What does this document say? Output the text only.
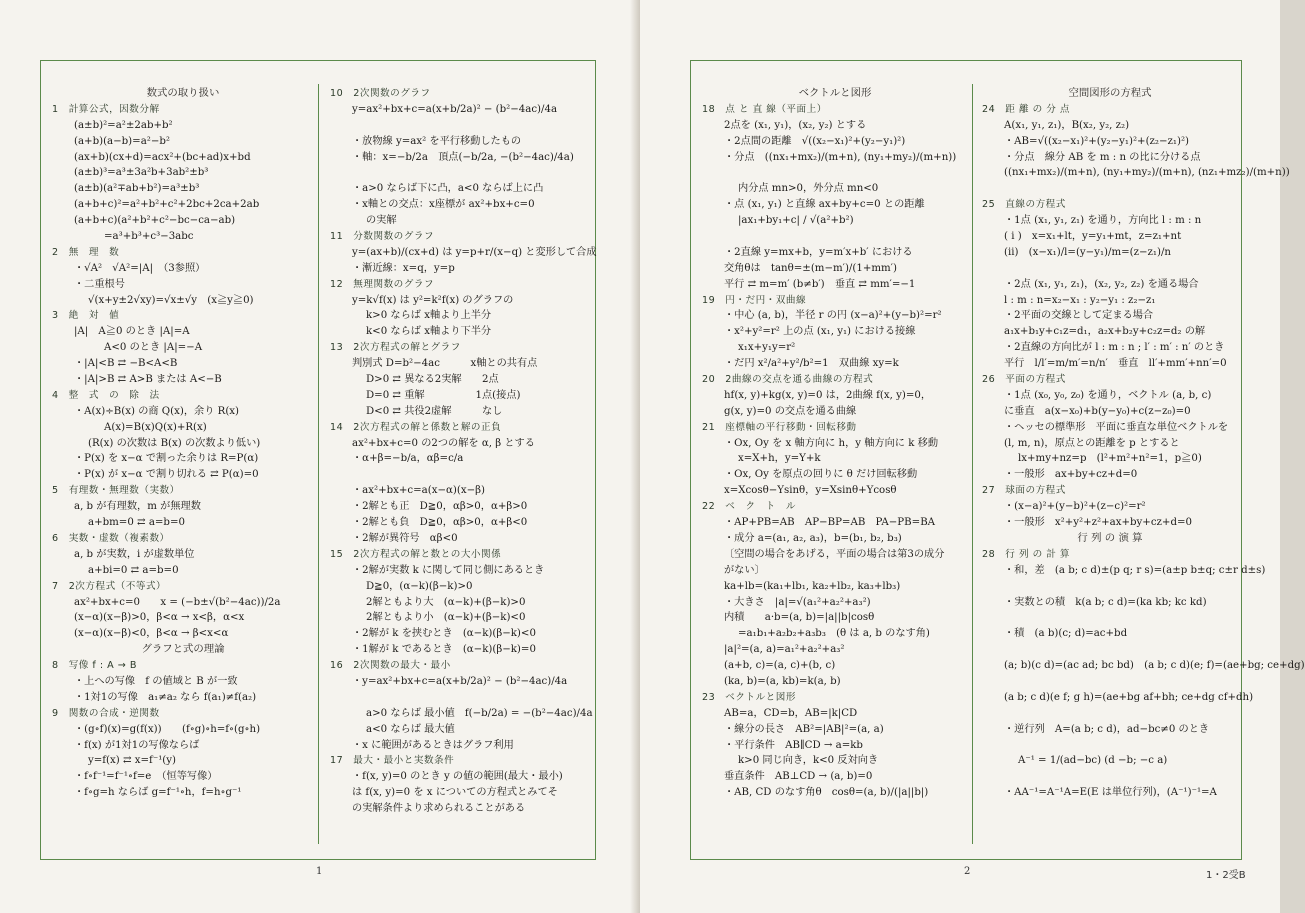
数式の取り扱い
1　計算公式，因数分解
(a±b)²=a²±2ab+b²
(a+b)(a−b)=a²−b²
(ax+b)(cx+d)=acx²+(bc+ad)x+bd
(a±b)³=a³±3a²b+3ab²±b³
(a±b)(a²∓ab+b²)=a³±b³
(a+b+c)²=a²+b²+c²+2bc+2ca+2ab
(a+b+c)(a²+b²+c²−bc−ca−ab)
=a³+b³+c³−3abc
2　無　理　数
・√A²　√A²=|A|　（3参照）
・二重根号
√(x+y±2√xy)=√x±√y　(x≧y≧0)
3　絶　対　値
|A|　A≧0 のとき |A|=A
A<0 のとき |A|=−A
・|A|<B ⇄ −B<A<B
・|A|>B ⇄ A>B または A<−B
4　整　式　の　除　法
・A(x)÷B(x) の商 Q(x)，余り R(x)
A(x)=B(x)Q(x)+R(x)
(R(x) の次数は B(x) の次数より低い)
・P(x) を x−α で割った余りは R=P(α)
・P(x) が x−α で割り切れる ⇄ P(α)=0
5　有理数・無理数（実数）
a, b が有理数，m が無理数
a+bm=0 ⇄ a=b=0
6　実数・虚数（複素数）
a, b が実数，i が虚数単位
a+bi=0 ⇄ a=b=0
7　2次方程式（不等式）
ax²+bx+c=0　　x = (−b±√(b²−4ac))/2a
(x−α)(x−β)>0，β<α → x<β，α<x
(x−α)(x−β)<0，β<α → β<x<α
グラフと式の理論
8　写像 f : A → B
・上への写像　f の値域と B が一致
・1対1の写像　a₁≠a₂ なら f(a₁)≠f(a₂)
9　関数の合成・逆関数
・(g∘f)(x)=g(f(x))　　(f∘g)∘h=f∘(g∘h)
・f(x) が1対1の写像ならば
y=f(x) ⇄ x=f⁻¹(y)
・f∘f⁻¹=f⁻¹∘f=e　（恒等写像）
・f∘g=h ならば g=f⁻¹∘h，f=h∘g⁻¹
10　2次関数のグラフ
y=ax²+bx+c=a(x+b/2a)² − (b²−4ac)/4a
・放物線 y=ax² を平行移動したもの
・軸：x=−b/2a　頂点(−b/2a, −(b²−4ac)/4a)
・a>0 ならば下に凸，a<0 ならば上に凸
・x軸との交点：x座標が ax²+bx+c=0
の実解
11　分数関数のグラフ
y=(ax+b)/(cx+d) は y=p+r/(x−q) と変形して合成
・漸近線：x=q，y=p
12　無理関数のグラフ
y=k√f(x) は y²=k²f(x) のグラフの
k>0 ならば x軸より上半分
k<0 ならば x軸より下半分
13　2次方程式の解とグラフ
判別式 D=b²−4ac　　　x軸との共有点
D>0 ⇄ 異なる2実解　　2点
D=0 ⇄ 重解　　　　　1点(接点)
D<0 ⇄ 共役2虚解　　　なし
14　2次方程式の解と係数と解の正負
ax²+bx+c=0 の2つの解を α, β とする
・α+β=−b/a，αβ=c/a
・ax²+bx+c=a(x−α)(x−β)
・2解とも正　D≧0，αβ>0，α+β>0
・2解とも負　D≧0，αβ>0，α+β<0
・2解が異符号　αβ<0
15　2次方程式の解と数との大小関係
・2解が実数 k に関して同じ側にあるとき
D≧0，(α−k)(β−k)>0
2解ともより大　(α−k)+(β−k)>0
2解ともより小　(α−k)+(β−k)<0
・2解が k を挟むとき　(α−k)(β−k)<0
・1解が k であるとき　(α−k)(β−k)=0
16　2次関数の最大・最小
・y=ax²+bx+c=a(x+b/2a)² − (b²−4ac)/4a
a>0 ならば 最小値　f(−b/2a) = −(b²−4ac)/4a
a<0 ならば 最大値
・x に範囲があるときはグラフ利用
17　最大・最小と実数条件
・f(x, y)=0 のとき y の値の範囲(最大・最小)
は f(x, y)=0 を x についての方程式とみてそ
の実解条件より求められることがある
1
ベクトルと図形
18　点 と 直 線（平面上）
2点を (x₁, y₁)，(x₂, y₂) とする
・2点間の距離　√((x₂−x₁)²+(y₂−y₁)²)
・分点　((nx₁+mx₂)/(m+n), (ny₁+my₂)/(m+n))
内分点 mn>0，外分点 mn<0
・点 (x₁, y₁) と直線 ax+by+c=0 との距離
|ax₁+by₁+c| / √(a²+b²)
・2直線 y=mx+b，y=m′x+b′ における
交角θは　tanθ=±(m−m′)/(1+mm′)
平行 ⇄ m=m′ (b≠b′)　垂直 ⇄ mm′=−1
19　円・だ円・双曲線
・中心 (a, b)，半径 r の円 (x−a)²+(y−b)²=r²
・x²+y²=r² 上の点 (x₁, y₁) における接線
x₁x+y₁y=r²
・だ円 x²/a²+y²/b²=1　双曲線 xy=k
20　2曲線の交点を通る曲線の方程式
hf(x, y)+kg(x, y)=0 は，2曲線 f(x, y)=0，
g(x, y)=0 の交点を通る曲線
21　座標軸の平行移動・回転移動
・Ox, Oy を x 軸方向に h，y 軸方向に k 移動
x=X+h，y=Y+k
・Ox, Oy を原点の回りに θ だけ回転移動
x=Xcosθ−Ysinθ，y=Xsinθ+Ycosθ
22　ベ　ク　ト　ル
・AP+PB=AB　AP−BP=AB　PA−PB=BA
・成分 a=(a₁, a₂, a₃)，b=(b₁, b₂, b₃)
〔空間の場合をあげる，平面の場合は第3の成分
がない〕
ka+lb=(ka₁+lb₁, ka₂+lb₂, ka₃+lb₃)
・大きさ　|a|=√(a₁²+a₂²+a₃²)
内積　　a·b=(a, b)=|a||b|cosθ
=a₁b₁+a₂b₂+a₃b₃　(θ は a, b のなす角)
|a|²=(a, a)=a₁²+a₂²+a₃²
(a+b, c)=(a, c)+(b, c)
(ka, b)=(a, kb)=k(a, b)
23　ベクトルと図形
AB=a，CD=b，AB=|k|CD
・線分の長さ　AB²=|AB|²=(a, a)
・平行条件　AB∥CD → a=kb
k>0 同じ向き，k<0 反対向き
垂直条件　AB⊥CD → (a, b)=0
・AB, CD のなす角θ　cosθ=(a, b)/(|a||b|)
空間図形の方程式
24　距 離 の 分 点
A(x₁, y₁, z₁)，B(x₂, y₂, z₂)
・AB=√((x₂−x₁)²+(y₂−y₁)²+(z₂−z₁)²)
・分点　線分 AB を m : n の比に分ける点
((nx₁+mx₂)/(m+n), (ny₁+my₂)/(m+n), (nz₁+mz₂)/(m+n))
25　直線の方程式
・1点 (x₁, y₁, z₁) を通り，方向比 l : m : n
( i )　x=x₁+lt，y=y₁+mt，z=z₁+nt
(ii)　(x−x₁)/l=(y−y₁)/m=(z−z₁)/n
・2点 (x₁, y₁, z₁)，(x₂, y₂, z₂) を通る場合
l : m : n=x₂−x₁ : y₂−y₁ : z₂−z₁
・2平面の交線として定まる場合
a₁x+b₁y+c₁z=d₁，a₂x+b₂y+c₂z=d₂ の解
・2直線の方向比が l : m : n ; l′ : m′ : n′ のとき
平行　l/l′=m/m′=n/n′　垂直　ll′+mm′+nn′=0
26　平面の方程式
・1点 (x₀, y₀, z₀) を通り，ベクトル (a, b, c)
に垂直　a(x−x₀)+b(y−y₀)+c(z−z₀)=0
・ヘッセの標準形　平面に垂直な単位ベクトルを
(l, m, n)，原点との距離を p とすると
lx+my+nz=p　(l²+m²+n²=1，p≧0)
・一般形　ax+by+cz+d=0
27　球面の方程式
・(x−a)²+(y−b)²+(z−c)²=r²
・一般形　x²+y²+z²+ax+by+cz+d=0
行 列 の 演 算
28　行 列 の 計 算
・和，差　(a b; c d)±(p q; r s)=(a±p b±q; c±r d±s)
・実数との積　k(a b; c d)=(ka kb; kc kd)
・積　(a b)(c; d)=ac+bd
(a; b)(c d)=(ac ad; bc bd)　(a b; c d)(e; f)=(ae+bg; ce+dg)
(a b; c d)(e f; g h)=(ae+bg af+bh; ce+dg cf+dh)
・逆行列　A=(a b; c d)，ad−bc≠0 のとき
A⁻¹ = 1/(ad−bc) (d −b; −c a)
・AA⁻¹=A⁻¹A=E(E は単位行列)，(A⁻¹)⁻¹=A
2	1・2受B
